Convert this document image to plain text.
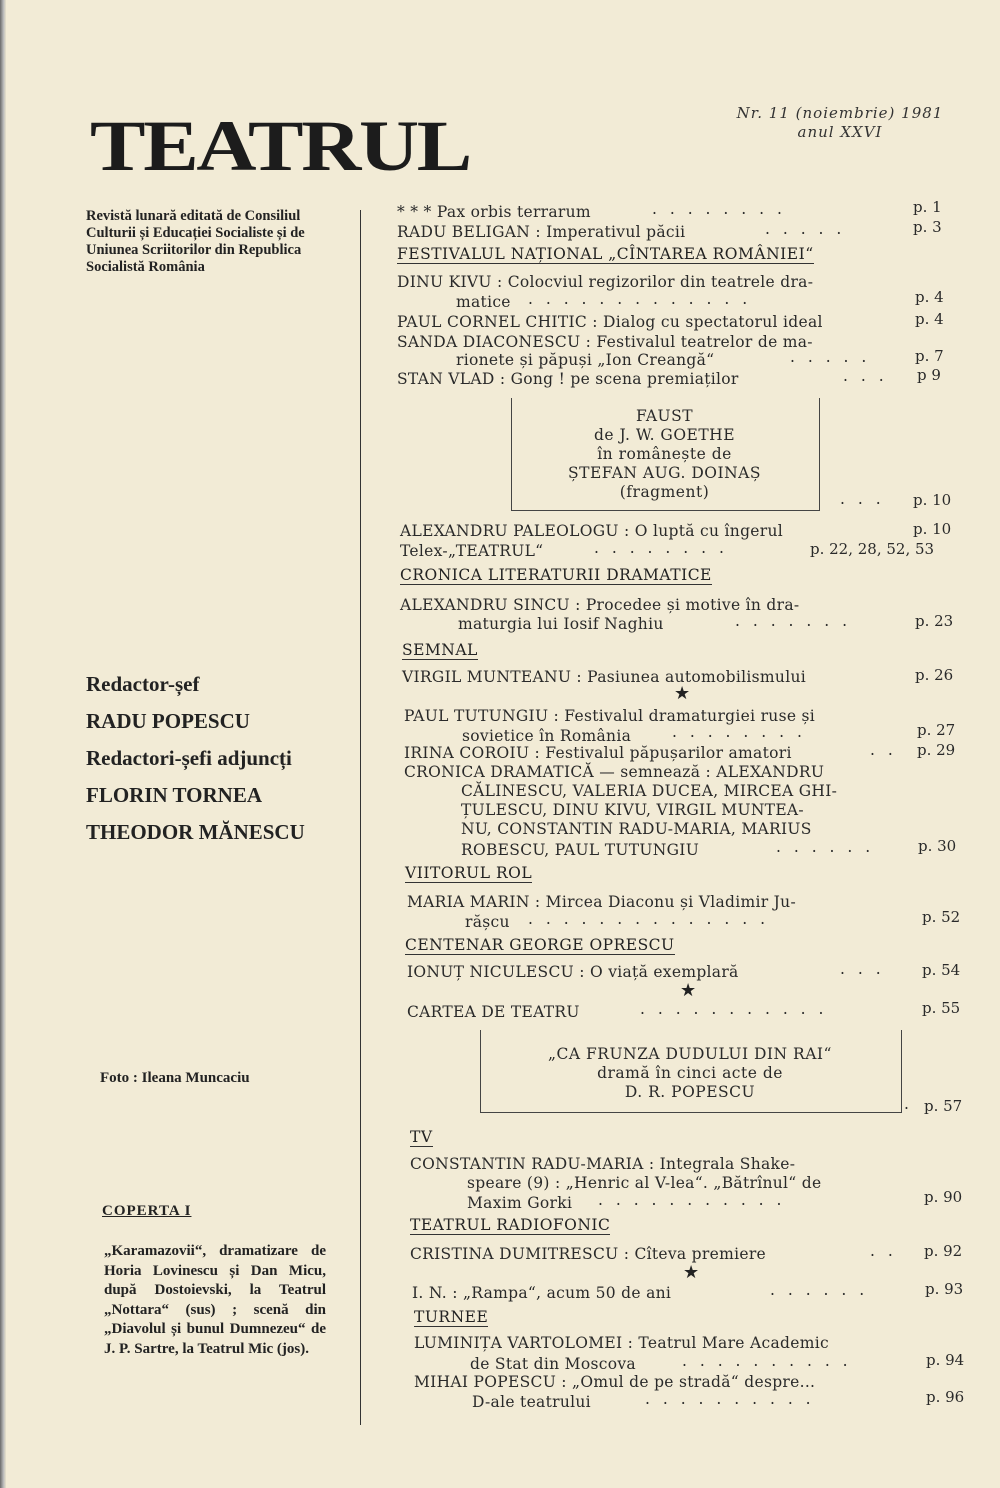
TEATRUL	Nr. 11 (noiembrie) 1981
anul XXVI
Revistă lunară editată de Consiliul Culturii și Educației Socialiste și de Uniunea Scriitorilor din Republica Socialistă România
Redactor-șef
RADU POPESCU
Redactori-șefi adjuncți
FLORIN TORNEA
THEODOR MĂNESCU
Foto : Ileana Muncaciu
COPERTA I
„Karamazovii“, dramatizare de Horia Lovinescu și Dan Micu, după Dostoievski, la Teatrul „Nottara“ (sus) ; scenă din „Diavolul și bunul Dumnezeu“ de J. P. Sartre, la Teatrul Mic (jos).
* * * Pax orbis terrarum	. . . . . . . .	p. 1
RADU BELIGAN : Imperativul păcii	. . . . .	p. 3
FESTIVALUL NAȚIONAL „CÎNTAREA ROMÂNIEI“
DINU KIVU : Colocviul regizorilor din teatrele dra-
matice . . . . . . . . . . . . .	p. 4
PAUL CORNEL CHITIC : Dialog cu spectatorul ideal	p. 4
SANDA DIACONESCU : Festivalul teatrelor de ma-
rionete și păpuși „Ion Creangă“	. . . . .	p. 7
STAN VLAD : Gong ! pe scena premiaților	. . . p 9
FAUST
de J. W. GOETHE
în românește de
ȘTEFAN AUG. DOINAȘ
(fragment)	. . . p. 10
ALEXANDRU PALEOLOGU : O luptă cu îngerul	p. 10
Telex-„TEATRUL“	. . . . . . . .	p. 22, 28, 52, 53
CRONICA LITERATURII DRAMATICE
ALEXANDRU SINCU : Procedee și motive în dra-
maturgia lui Iosif Naghiu	. . . . . . .	p. 23
SEMNAL
VIRGIL MUNTEANU : Pasiunea automobilismului	p. 26
★
PAUL TUTUNGIU : Festivalul dramaturgiei ruse și
sovietice în România	. . . . . . . .	p. 27
IRINA COROIU : Festivalul păpușarilor amatori	. . p. 29
CRONICA DRAMATICĂ — semnează : ALEXANDRU
CĂLINESCU, VALERIA DUCEA, MIRCEA GHI-
ȚULESCU, DINU KIVU, VIRGIL MUNTEA-
NU, CONSTANTIN RADU-MARIA, MARIUS
ROBESCU, PAUL TUTUNGIU	. . . . . .	p. 30
VIITORUL ROL
MARIA MARIN : Mircea Diaconu și Vladimir Ju-
rășcu . . . . . . . . . . . . . .	p. 52
CENTENAR GEORGE OPRESCU
IONUȚ NICULESCU : O viață exemplară	. . . p. 54
★
CARTEA DE TEATRU	. . . . . . . . . . .	p. 55
„CA FRUNZA DUDULUI DIN RAI“
dramă în cinci acte de
D. R. POPESCU
. p. 57
TV
CONSTANTIN RADU-MARIA : Integrala Shake-
speare (9) : „Henric al V-lea“. „Bătrînul“ de
Maxim Gorki . . . . . . . . . . .	p. 90
TEATRUL RADIOFONIC
CRISTINA DUMITRESCU : Cîteva premiere	. . p. 92
★
I. N. : „Rampa“, acum 50 de ani	. . . . . .	p. 93
TURNEE
LUMINIȚA VARTOLOMEI : Teatrul Mare Academic
de Stat din Moscova	. . . . . . . . . .	p. 94
MIHAI POPESCU : „Omul de pe stradă“ despre...
D-ale teatrului	. . . . . . . . . .	p. 96
